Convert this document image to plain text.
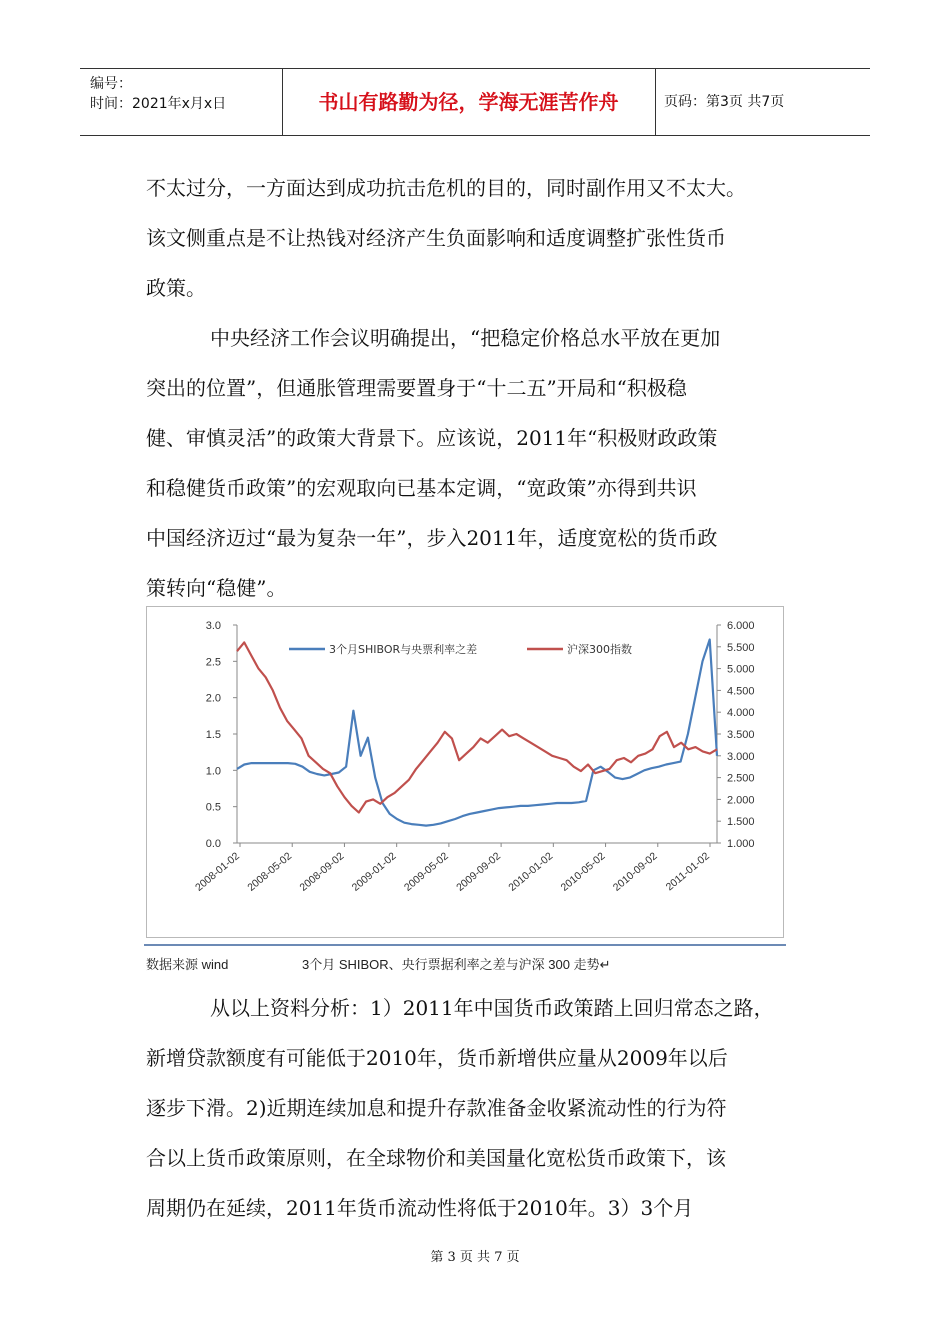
编号：
时间：2021年x月x日	书山有路勤为径，学海无涯苦作舟	页码：第3页 共7页
不太过分，一方面达到成功抗击危机的目的，同时副作用又不太大。
该文侧重点是不让热钱对经济产生负面影响和适度调整扩张性货币
政策。
中央经济工作会议明确提出，“把稳定价格总水平放在更加
突出的位置”，但通胀管理需要置身于“十二五”开局和“积极稳
健、审慎灵活”的政策大背景下。应该说，2011年“积极财政政策
和稳健货币政策”的宏观取向已基本定调，“宽政策”亦得到共识
中国经济迈过“最为复杂一年”，步入2011年，适度宽松的货币政
策转向“稳健”。
0.0
0.5
1.0
1.5
2.0
2.5
3.0
1.000
1.500
2.000
2.500
3.000
3.500
4.000
4.500
5.000
5.500
6.000
2008-01-02 2008-05-02 2008-09-02 2009-01-02 2009-05-02 2009-09-02 2010-01-02 2010-05-02 2010-09-02 2011-01-02
3个月SHIBOR与央票利率之差	沪深300指数
数据来源 wind	3个月 SHIBOR、央行票据利率之差与沪深 300 走势↵
从以上资料分析：1）2011年中国货币政策踏上回归常态之路，
新增贷款额度有可能低于2010年，货币新增供应量从2009年以后
逐步下滑。2)近期连续加息和提升存款准备金收紧流动性的行为符
合以上货币政策原则，在全球物价和美国量化宽松货币政策下，该
周期仍在延续，2011年货币流动性将低于2010年。3）3个月
第 3 页 共 7 页
